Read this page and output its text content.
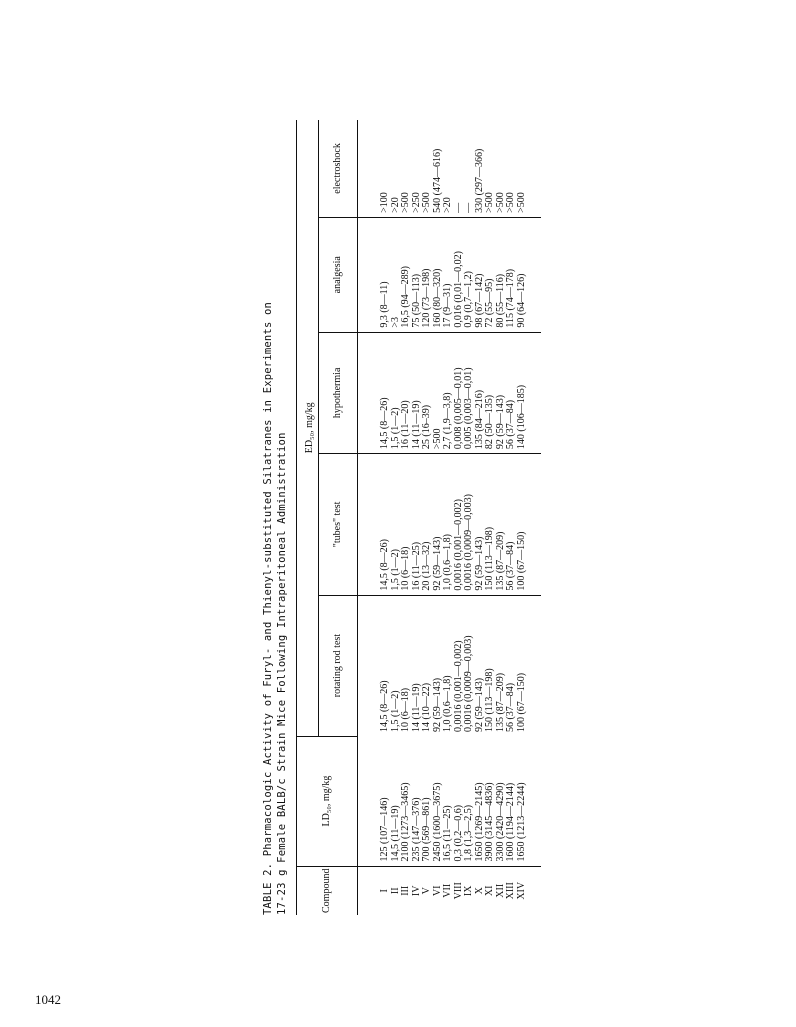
TABLE 2. Pharmacologic Activity of Furyl- and Thienyl-substituted Silatranes in Experiments on 17-23 g Female BALB/c Strain Mice Following Intraperitoneal Administration	Compound	LD₅₀, mg/kg	ED₅₀, mg/kg				
		rotating rod test	"tubes" test	hypothermia	analgesia	electroshock
I	125 (107—146)	14,5 (8—26)	14,5 (8—26)	14,5 (8—26)	9,3 (8—11)	>100
II	14,5 (11—19)	1,5 (1—2)	1,5 (1—2)	1,5 (1—2)	>3	>20
III	2100 (1273—3465)	10 (6—18)	10 (6—18)	16 (11—20)	16,5 (94—289)	>500
IV	235 (147—376)	14 (11—19)	16 (11—25)	14 (11—19)	75 (50—113)	>250
V	700 (569—861)	14 (10—22)	20 (13—32)	25 (16–39)	120 (73—198)	>500
VI	2450 (1600—3675)	92 (59—143)	92 (59—143)	>500	160 (80—320)	540 (474—616)
VII	16,5 (11—25)	1,0 (0,6—1,8)	1,0 (0,6—1,8)	2,7 (1,9—3,8)	17 (9—31)	>20
VIII	0,3 (0,2—0,6)	0,0016 (0,001—0,002)	0,0016 (0,001—0,002)	0,008 (0,005—0,01)	0,016 (0,01—0,02)	—
IX	1,8 (1,3—2,5)	0,0016 (0,0009—0,003)	0,0016 (0,0009—0,003)	0,005 (0,003—0,01)	0,9 (0,7—1,2)	—
X	1650 (1269—2145)	92 (59—143)	92 (59—143)	135 (84—216)	98 (67—142)	330 (297—366)
XI	3900 (3145—4836)	150 (113—198)	150 (113—198)	82 (50—135)	72 (55—95)	>500
XII	3300 (2420—4290)	135 (87—209)	135 (87—209)	92 (59—143)	80 (55—116)	>500
XIII	1600 (1194—2144)	56 (37—84)	56 (37—84)	56 (37—84)	115 (74—178)	>500
XIV	1650 (1213—2244)	100 (67—150)	100 (67—150)	140 (106—185)	90 (64—126)	>500
1042
